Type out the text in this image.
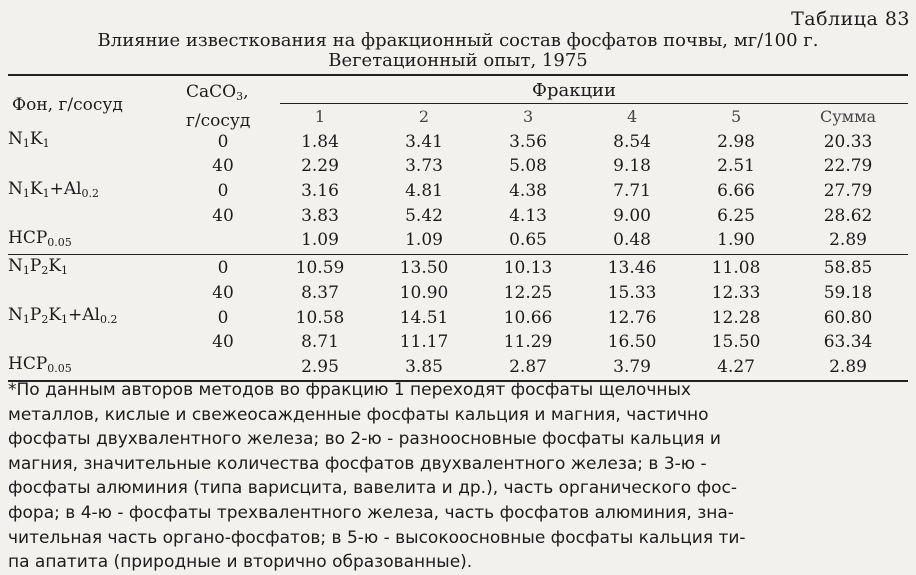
Таблица 83
Влияние известкования на фракционный состав фосфатов почвы, мг/100 г.
Вегетационный опыт, 1975
Фон, г/сосуд
CaCO$_3$,
г/сосуд
Фракции
		1	2	3	4	5	Сумма
$N_1K_1$	0	1.84	3.41	3.56	8.54	2.98	20.33
	40	2.29	3.73	5.08	9.18	2.51	22.79
$N_1K_1+Al_{0.2}$	0	3.16	4.81	4.38	7.71	6.66	27.79
	40	3.83	5.42	4.13	9.00	6.25	28.62
$НСР_{0.05}$		1.09	1.09	0.65	0.48	1.90	2.89
$N_1P_2K_1$	0	10.59	13.50	10.13	13.46	11.08	58.85
	40	8.37	10.90	12.25	15.33	12.33	59.18
$N_1P_2K_1+Al_{0.2}$	0	10.58	14.51	10.66	12.76	12.28	60.80
	40	8.71	11.17	11.29	16.50	15.50	63.34
$НСР_{0.05}$		2.95	3.85	2.87	3.79	4.27	2.89
*По данным авторов методов во фракцию 1 переходят фосфаты щелочных
металлов, кислые и свежеосажденные фосфаты кальция и магния, частично
фосфаты двухвалентного железа; во 2-ю - разноосновные фосфаты кальция и
магния, значительные количества фосфатов двухвалентного железа; в 3-ю -
фосфаты алюминия (типа варисцита, вавелита и др.), часть органического фос-
фора; в 4-ю - фосфаты трехвалентного железа, часть фосфатов алюминия, зна-
чительная часть органо-фосфатов; в 5-ю - высокоосновные фосфаты кальция ти-
па апатита (природные и вторично образованные).
